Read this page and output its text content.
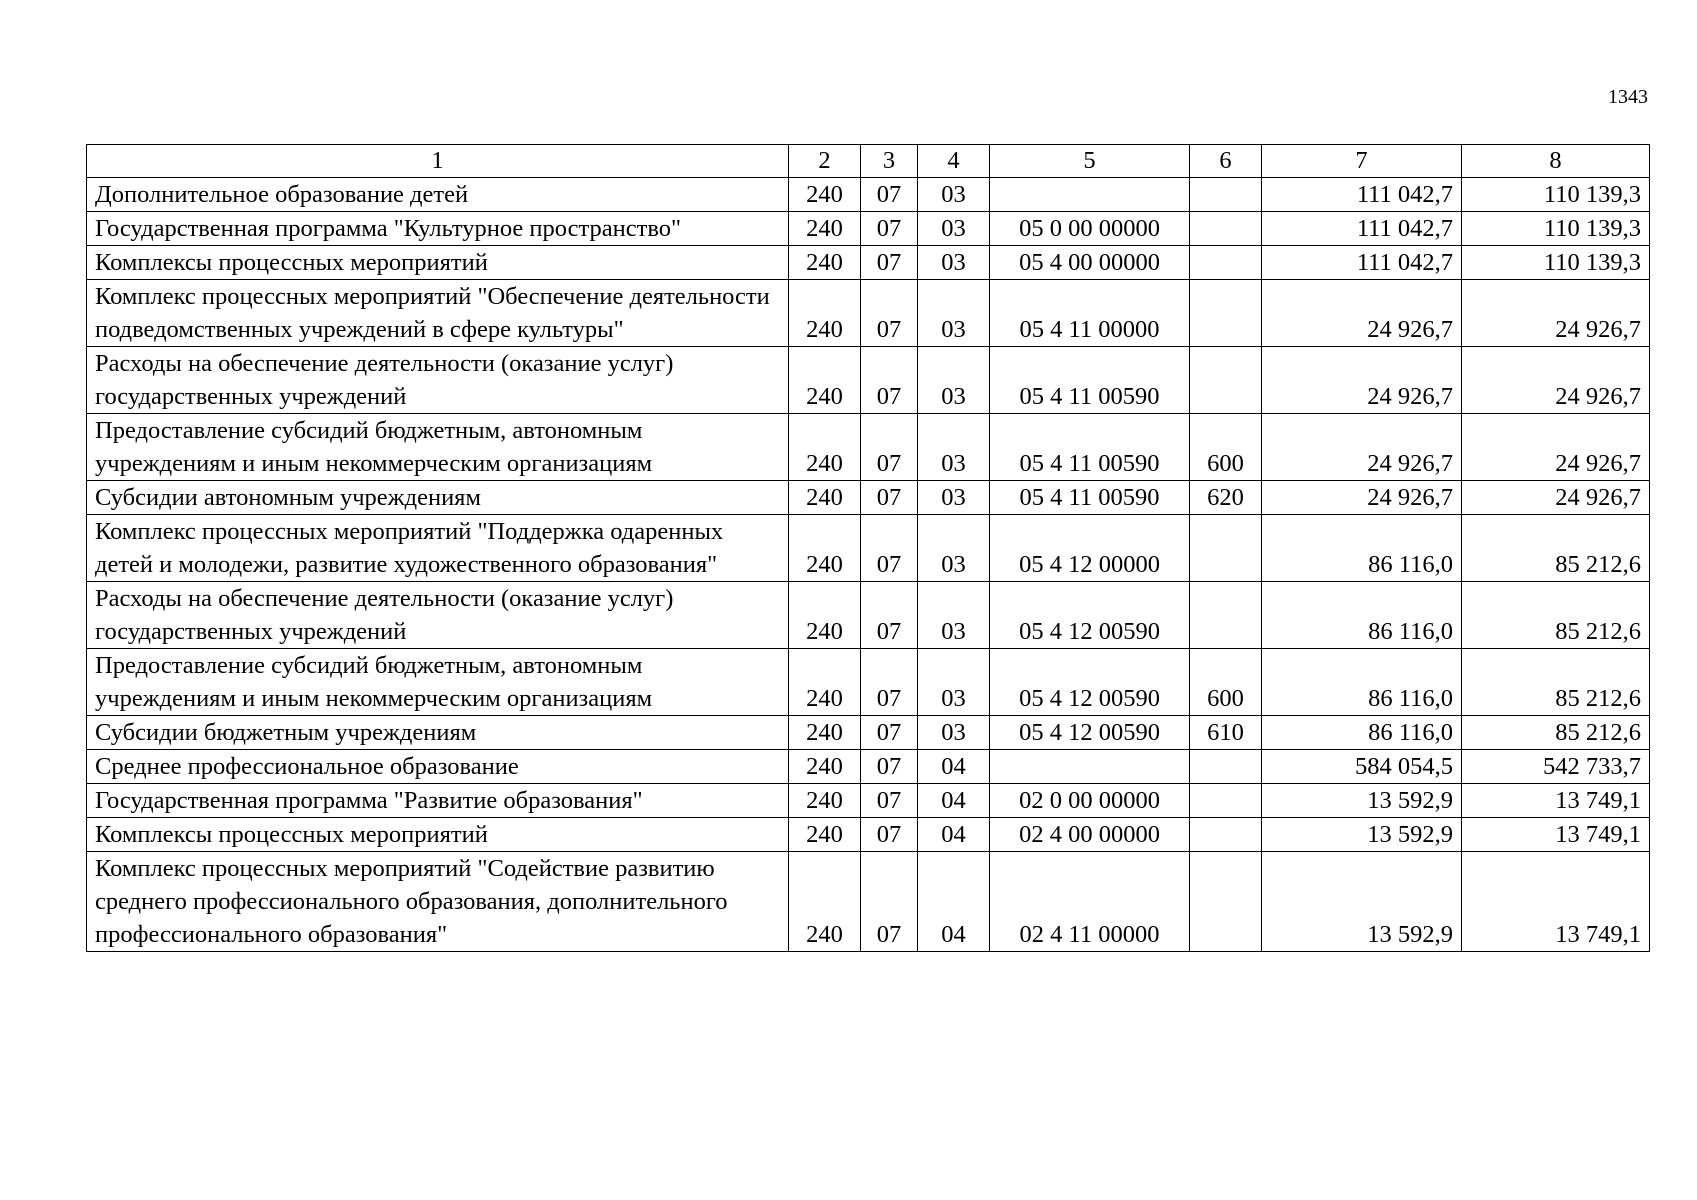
1343
1	2	3	4	5	6	7	8
Дополнительное образование детей	240	07	03			111 042,7	110 139,3
Государственная программа "Культурное пространство"	240	07	03	05 0 00 00000		111 042,7	110 139,3
Комплексы процессных мероприятий	240	07	03	05 4 00 00000		111 042,7	110 139,3
Комплекс процессных мероприятий "Обеспечение деятельности подведомственных учреждений в сфере культуры"	240	07	03	05 4 11 00000		24 926,7	24 926,7
Расходы на обеспечение деятельности (оказание услуг) государственных учреждений	240	07	03	05 4 11 00590		24 926,7	24 926,7
Предоставление субсидий бюджетным, автономным учреждениям и иным некоммерческим организациям	240	07	03	05 4 11 00590	600	24 926,7	24 926,7
Субсидии автономным учреждениям	240	07	03	05 4 11 00590	620	24 926,7	24 926,7
Комплекс процессных мероприятий "Поддержка одаренных детей и молодежи, развитие художественного образования"	240	07	03	05 4 12 00000		86 116,0	85 212,6
Расходы на обеспечение деятельности (оказание услуг) государственных учреждений	240	07	03	05 4 12 00590		86 116,0	85 212,6
Предоставление субсидий бюджетным, автономным учреждениям и иным некоммерческим организациям	240	07	03	05 4 12 00590	600	86 116,0	85 212,6
Субсидии бюджетным учреждениям	240	07	03	05 4 12 00590	610	86 116,0	85 212,6
Среднее профессиональное образование	240	07	04			584 054,5	542 733,7
Государственная программа "Развитие образования"	240	07	04	02 0 00 00000		13 592,9	13 749,1
Комплексы процессных мероприятий	240	07	04	02 4 00 00000		13 592,9	13 749,1
Комплекс процессных мероприятий "Содействие развитию среднего профессионального образования, дополнительного профессионального образования"	240	07	04	02 4 11 00000		13 592,9	13 749,1
